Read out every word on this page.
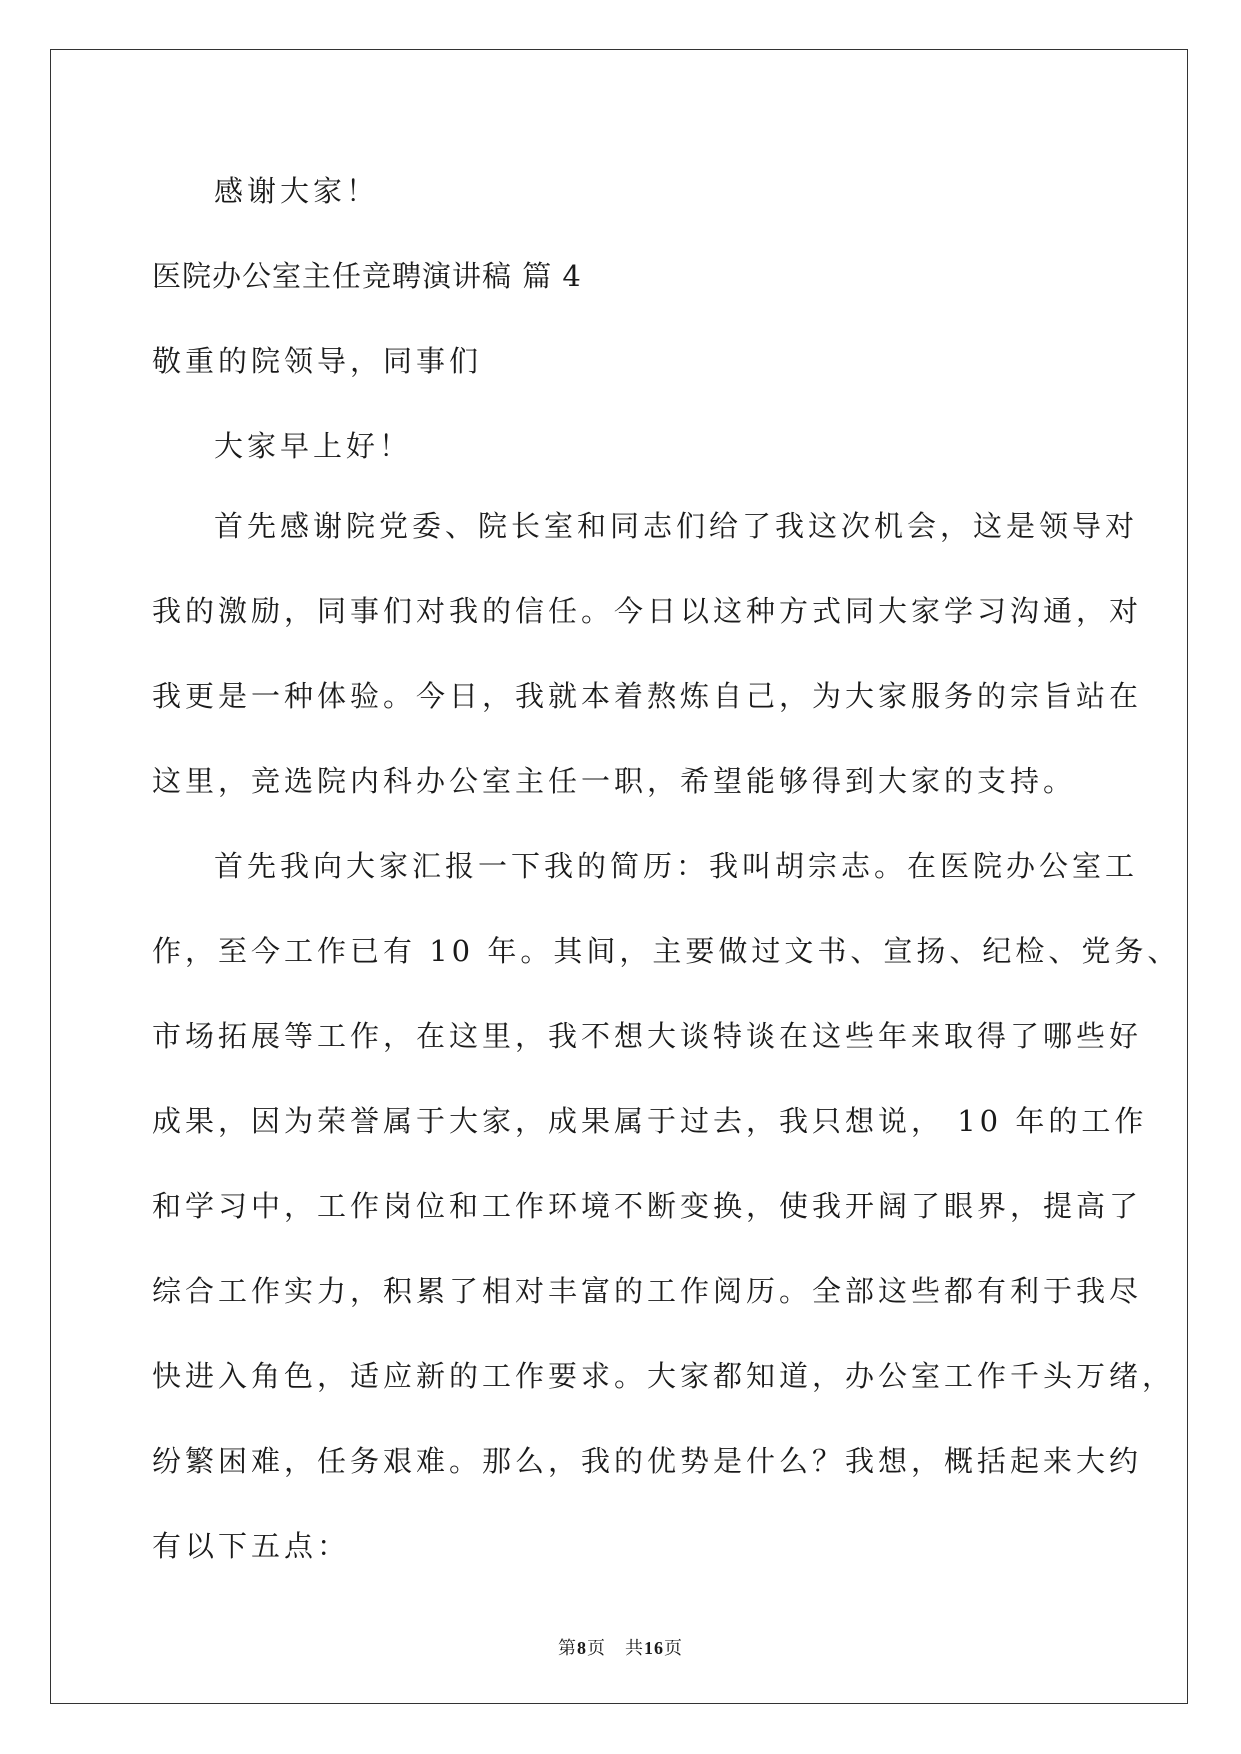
感谢大家！
医院办公室主任竞聘演讲稿 篇 4
敬重的院领导，同事们
大家早上好！
首先感谢院党委、院长室和同志们给了我这次机会，这是领导对
我的激励，同事们对我的信任。今日以这种方式同大家学习沟通，对
我更是一种体验。今日，我就本着熬炼自己，为大家服务的宗旨站在
这里，竞选院内科办公室主任一职，希望能够得到大家的支持。
首先我向大家汇报一下我的简历：我叫胡宗志。在医院办公室工
作，至今工作已有 10 年。其间，主要做过文书、宣扬、纪检、党务、
市场拓展等工作，在这里，我不想大谈特谈在这些年来取得了哪些好
成果，因为荣誉属于大家，成果属于过去，我只想说， 10 年的工作
和学习中，工作岗位和工作环境不断变换，使我开阔了眼界，提高了
综合工作实力，积累了相对丰富的工作阅历。全部这些都有利于我尽
快进入角色，适应新的工作要求。大家都知道，办公室工作千头万绪，
纷繁困难，任务艰难。那么，我的优势是什么？我想，概括起来大约
有以下五点：
第8页  共16页
